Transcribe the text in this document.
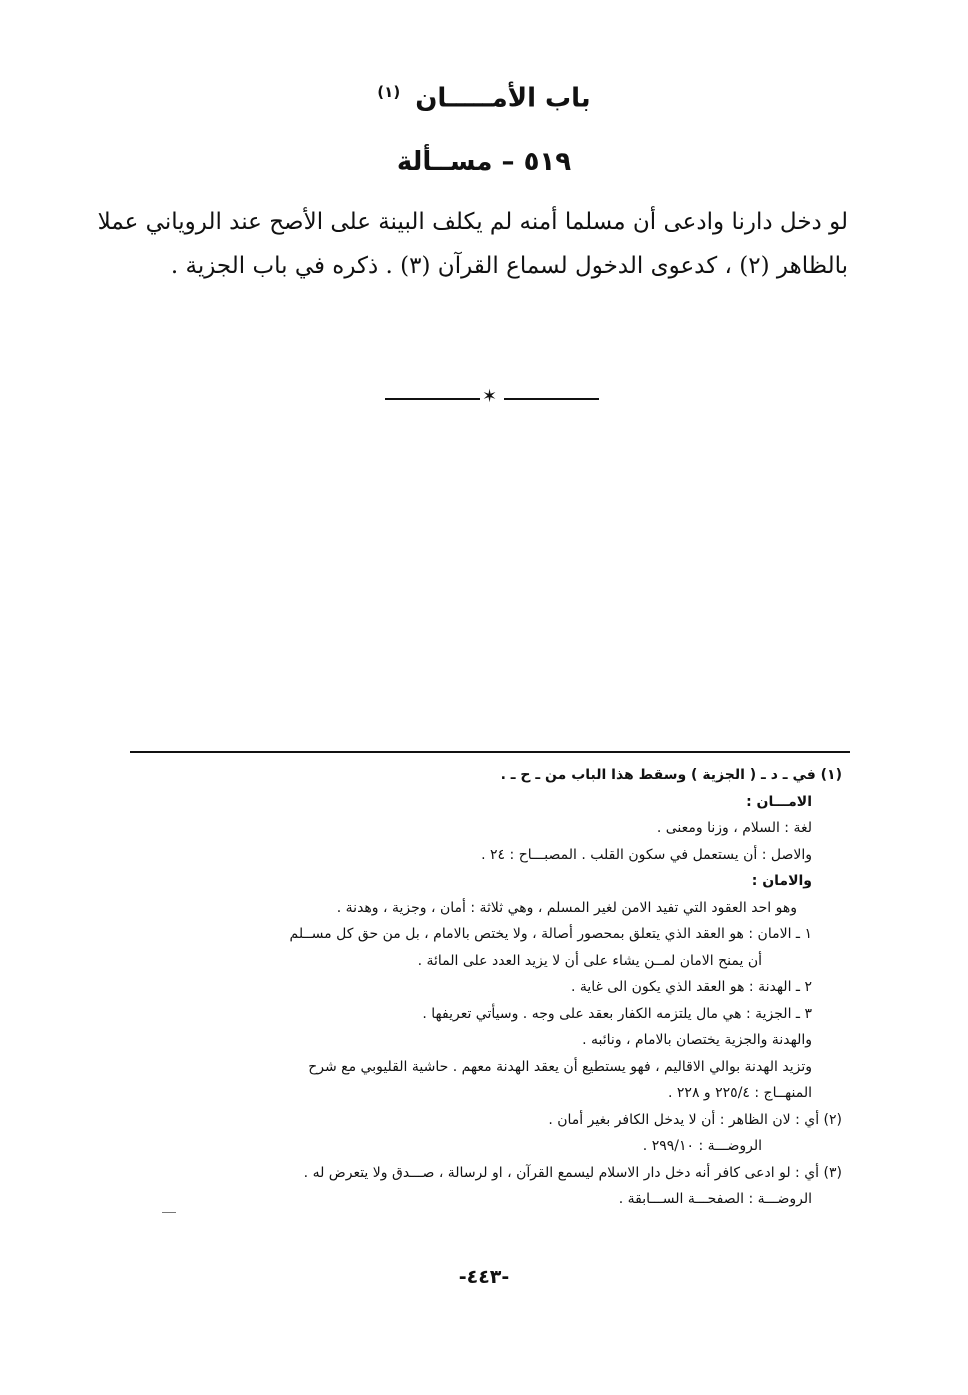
باب الأمـــــان $^{(١)}$
٥١٩ – مســألة
لو دخل دارنا وادعى أن مسلما أمنه لم يكلف البينة على الأصح عند الروياني عملا
بالظاهر (٢) ، كدعوى الدخول لسماع القرآن (٣) . ذكره في باب الجزية .
✶
(١) في ـ د ـ ( الجزية ) وسقط هذا الباب من ـ ح ـ .
الامـــان :
لغة : السلام ، وزنا ومعنى .
والاصل : أن يستعمل في سكون القلب . المصبـــاح : ٢٤ .
والامان :
وهو احد العقود التي تفيد الامن لغير المسلم ، وهي ثلاثة : أمان ، وجزية ، وهدنة .
١ ـ الامان : هو العقد الذي يتعلق بمحصور أصالة ، ولا يختص بالامام ، بل من حق كل مســلم
أن يمنح الامان لمــن يشاء على أن لا يزيد العدد على المائة .
٢ ـ الهدنة : هو العقد الذي يكون الى غاية .
٣ ـ الجزية : هي مال يلتزمه الكفار بعقد على وجه . وسيأتي تعريفها .
والهدنة والجزية يختصان بالامام ، ونائبه .
وتزيد الهدنة بوالي الاقاليم ، فهو يستطيع أن يعقد الهدنة معهم . حاشية القليوبي مع شرح
المنهــاج : ٢٢٥/٤ و ٢٢٨ .
(٢) أي : لان الظاهر : أن لا يدخل الكافر بغير أمان .
الروضـــة : ٢٩٩/١٠ .
(٣) أي : لو ادعى كافر أنه دخل دار الاسلام ليسمع القرآن ، او لرسالة ، صـــدق ولا يتعرض له .
الروضـــة : الصفحـــة الســـابقة .
-٤٤٣-
